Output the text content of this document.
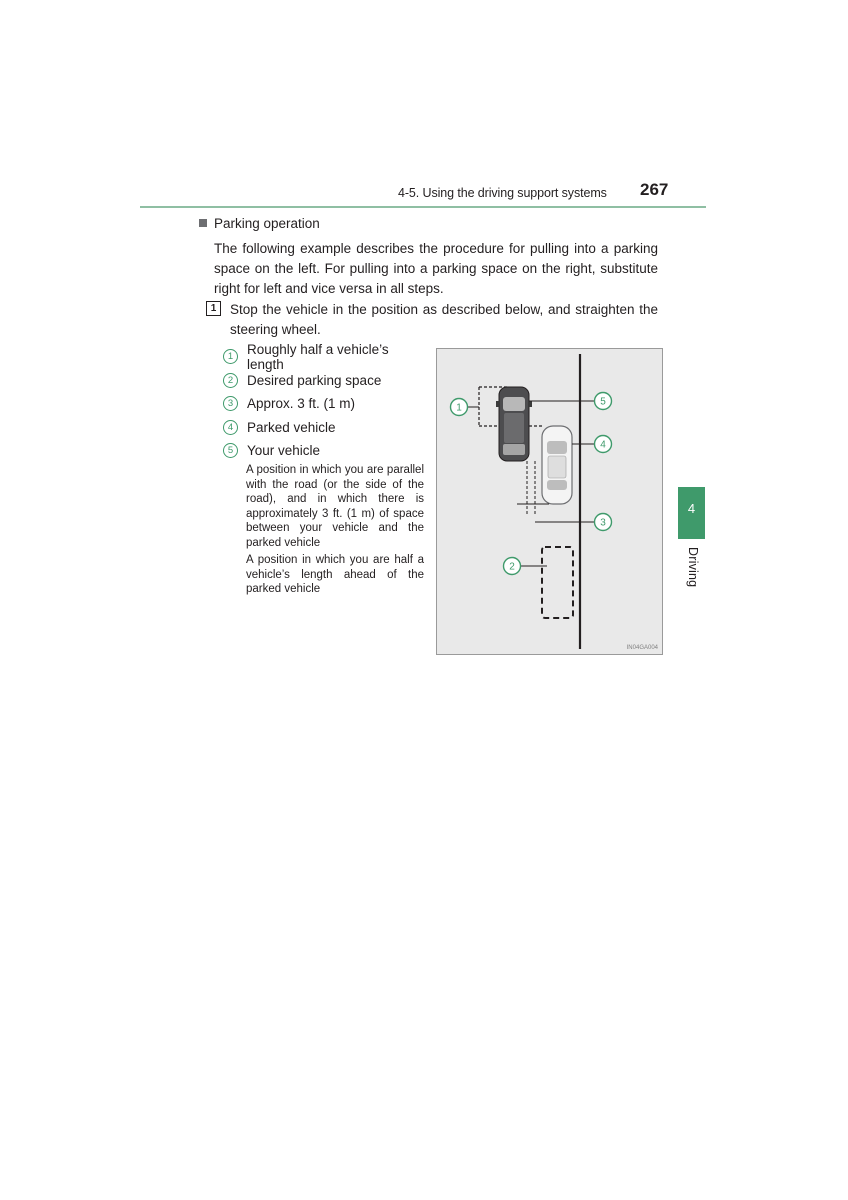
4-5. Using the driving support systems 267
Parking operation
The following example describes the procedure for pulling into a parking space on the left. For pulling into a parking space on the right, substitute right for left and vice versa in all steps.
1	Stop the vehicle in the position as described below, and straighten the steering wheel.
1	Roughly half a vehicle’s length
2	Desired parking space
3	Approx. 3 ft. (1 m)
4	Parked vehicle
5	Your vehicle
A position in which you are parallel with the road (or the side of the road), and in which there is approximately 3 ft. (1 m) of space between your vehicle and the parked vehicle
A position in which you are half a vehicle’s length ahead of the parked vehicle
1
5
4
3
2
IN04GA004
4
Driving
